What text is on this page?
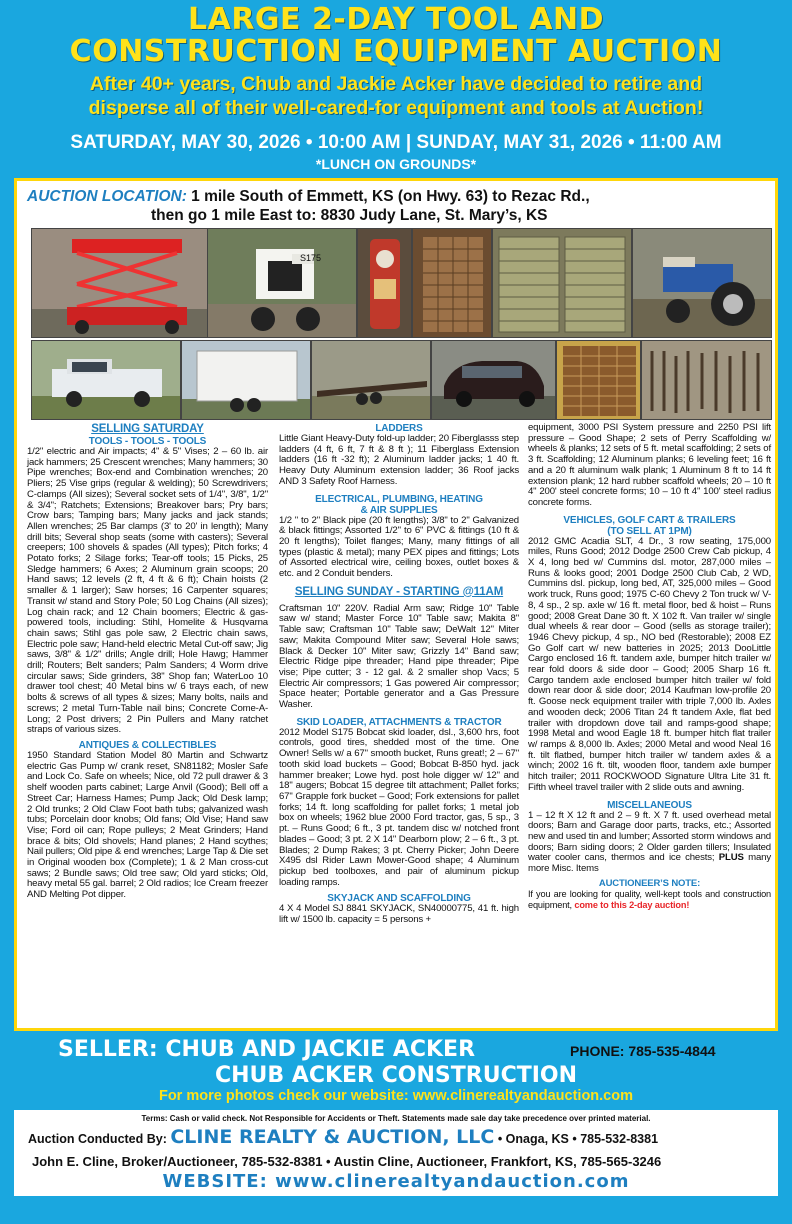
LARGE 2-DAY TOOL AND
CONSTRUCTION EQUIPMENT AUCTION
After 40+ years, Chub and Jackie Acker have decided to retire and
disperse all of their well-cared-for equipment and tools at Auction!
SATURDAY, MAY 30, 2026 • 10:00 AM | SUNDAY, MAY 31, 2026 • 11:00 AM
*LUNCH ON GROUNDS*
AUCTION LOCATION: 1 mile South of Emmett, KS (on Hwy. 63) to Rezac Rd.,
then go 1 mile East to: 8830 Judy Lane, St. Mary’s, KS
S175
SELLING SATURDAY
TOOLS - TOOLS - TOOLS

1/2" electric and Air impacts; 4" & 5" Vises; 2 – 60 lb. air jack hammers; 25 Crescent wrenches; Many hammers; 30 Pipe wrenches; Box-end and Combination wrenches; 20 Pliers; 25 Vise grips (regular & welding); 50 Screwdrivers; C-clamps (All sizes); Several socket sets of 1/4", 3/8", 1/2" & 3/4"; Ratchets; Extensions; Breakover bars; Pry bars; Crow bars; Tamping bars; Many jacks and jack stands; Allen wrenches; 25 Bar clamps (3' to 20' in length); Many drill bits; Several shop seats (some with casters); Several creepers; 100 shovels & spades (All types); Pitch forks; 4 Potato forks; 2 Silage forks; Tear-off tools; 15 Picks, 25 Sledge hammers; 6 Axes; 2 Aluminum grain scoops; 20 Hand saws; 12 levels (2 ft, 4 ft & 6 ft); Chain hoists (2 smaller & 1 larger); Saw horses; 16 Carpenter squares; Transit w/ stand and Story Pole; 50 Log Chains (All sizes); Log chain rack; and 12 Chain boomers; Electric & gas-powered tools, including: Stihl, Homelite & Husqvarna chain saws; Stihl gas pole saw, 2 Electric chain saws, Electric pole saw; Hand-held electric Metal Cut-off saw; Jig saws, 3/8" & 1/2" drills; Angle drill; Hole Hawg; Hammer drill; Routers; Belt sanders; Palm Sanders; 4 Worm drive circular saws; Side grinders, 38" Shop fan; WaterLoo 10 drawer tool chest; 40 Metal bins w/ 6 trays each, of new bolts & screws of all types & sizes; Many bolts, nails and screws; 2 metal Turn-Table nail bins; Concrete Come-A-Long; 2 Post drivers; 2 Pin Pullers and Many ratchet straps of various sizes.

ANTIQUES & COLLECTIBLES

1950 Standard Station Model 80 Martin and Schwartz electric Gas Pump w/ crank reset, SN81182; Mosler Safe and Lock Co. Safe on wheels; Nice, old 72 pull drawer & 3 shelf wooden parts cabinet; Large Anvil (Good); Bell off a Street Car; Harness Hames; Pump Jack; Old Desk lamp; 2 Old trunks; 2 Old Claw Foot bath tubs; galvanized wash tubs; Porcelain door knobs; Old fans; Old Vise; Hand saw Vise; Ford oil can; Rope pulleys; 2 Meat Grinders; Hand brace & bits; Old shovels; Hand planes; 2 Hand scythes; Nail pullers; Old pipe & end wrenches; Large Tap & Die set in Original wooden box (Complete); 1 & 2 Man cross-cut saws; 2 Bundle saws; Old tree saw; Old yard sticks; Old, heavy metal 55 gal. barrel; 2 Old radios; Ice Cream freezer AND Melting Pot dipper.

LADDERS

Little Giant Heavy-Duty fold-up ladder; 20 Fiberglasss step ladders (4 ft, 6 ft, 7 ft & 8 ft ); 11 Fiberglass Extension ladders (16 ft -32 ft); 2 Aluminum ladder jacks; 1 40 ft. Heavy Duty Aluminum extension ladder; 36 Roof jacks AND 3 Safety Roof Harness.

ELECTRICAL, PLUMBING, HEATING
& AIR SUPPLIES

1/2 " to 2" Black pipe (20 ft lengths); 3/8" to 2" Galvanized & black fittings; Assorted 1/2" to 6" PVC & fittings (10 ft & 20 ft lengths); Toilet flanges; Many, many fittings of all types (plastic & metal); many PEX pipes and fittings; Lots of Assorted electrical wire, ceiling boxes, outlet boxes & etc. and 2 Conduit benders.

SELLING SUNDAY - STARTING @11AM

Craftsman 10" 220V. Radial Arm saw; Ridge 10" Table saw w/ stand; Master Force 10" Table saw; Makita 8" Table saw; Craftsman 10" Table saw; DeWalt 12" Miter saw; Makita Compound Miter saw; Several Hole saws; Black & Decker 10" Miter saw; Grizzly 14" Band saw; Electric Ridge pipe threader; Hand pipe threader; Pipe vise; Pipe cutter; 3 - 12 gal. & 2 smaller shop Vacs; 5 Electric Air compressors; 1 Gas powered Air compressor; Space heater; Portable generator and a Gas Pressure Washer.

SKID LOADER, ATTACHMENTS & TRACTOR

2012 Model S175 Bobcat skid loader, dsl., 3,600 hrs, foot controls, good tires, shedded most of the time. One Owner! Sells w/ a 67" smooth bucket, Runs great!; 2 – 67" tooth skid load buckets – Good; Bobcat B-850 hyd. jack hammer breaker; Lowe hyd. post hole digger w/ 12" and 18" augers; Bobcat 15 degree tilt attachment; Pallet forks; 67" Grapple fork bucket – Good; Fork extensions for pallet forks; 14 ft. long scaffolding for pallet forks; 1 metal job box on wheels; 1962 blue 2000 Ford tractor, gas, 5 sp., 3 pt. – Runs Good; 6 ft., 3 pt. tandem disc w/ notched front blades – Good; 3 pt. 2 X 14" Dearborn plow; 2 – 6 ft., 3 pt. Blades; 2 Dump Rakes; 3 pt. Cherry Picker; John Deere X495 dsl Rider Lawn Mower-Good shape; 4 Aluminum pickup bed toolboxes, and pair of aluminum pickup loading ramps.

SKYJACK AND SCAFFOLDING

4 X 4 Model SJ 8841 SKYJACK, SN40000775, 41 ft. high lift w/ 1500 lb. capacity = 5 persons +

equipment, 3000 PSI System pressure and 2250 PSI lift pressure – Good Shape; 2 sets of Perry Scaffolding w/ wheels & planks; 12 sets of 5 ft. metal scaffolding; 2 sets of 3 ft. Scaffolding; 12 Aluminum planks; 6 leveling feet; 16 ft and a 20 ft aluminum walk plank; 1 Aluminum 8 ft to 14 ft extension plank; 12 hard rubber scaffold wheels; 20 – 10 ft 4" 200' steel concrete forms; 10 – 10 ft 4" 100' steel radius concrete forms.

VEHICLES, GOLF CART & TRAILERS
(TO SELL AT 1PM)

2012 GMC Acadia SLT, 4 Dr., 3 row seating, 175,000 miles, Runs Good; 2012 Dodge 2500 Crew Cab pickup, 4 X 4, long bed w/ Cummins dsl. motor, 287,000 miles – Runs & looks good; 2001 Dodge 2500 Club Cab, 2 WD, Cummins dsl. pickup, long bed, AT, 325,000 miles – Good work truck, Runs good; 1975 C-60 Chevy 2 Ton truck w/ V-8, 4 sp., 2 sp. axle w/ 16 ft. metal floor, bed & hoist – Runs good; 2008 Great Dane 30 ft. X 102 ft. Van trailer w/ single dual wheels & rear door – Good (sells as storage trailer); 1946 Chevy pickup, 4 sp., NO bed (Restorable); 2008 EZ Go Golf cart w/ new batteries in 2025; 2013 DooLittle Cargo enclosed 16 ft. tandem axle, bumper hitch trailer w/ rear fold doors & side door – Good; 2005 Sharp 16 ft. Cargo tandem axle enclosed bumper hitch trailer w/ fold down rear door & side door; 2014 Kaufman low-profile 20 ft. Goose neck equipment trailer with triple 7,000 lb. Axles and wooden deck; 2006 Titan 24 ft tandem Axle, flat bed trailer with dropdown dove tail and ramps-good shape; 1998 Metal and wood Eagle 18 ft. bumper hitch flat trailer w/ ramps & 8,000 lb. Axles; 2000 Metal and wood Neal 16 ft. tilt flatbed, bumper hitch trailer w/ tandem axles & a winch; 2002 16 ft. tilt, wooden floor, tandem axle bumper hitch trailer; 2011 ROCKWOOD Signature Ultra Lite 31 ft. Fifth wheel travel trailer with 2 slide outs and awning.

MISCELLANEOUS

1 – 12 ft X 12 ft and 2 – 9 ft. X 7 ft. used overhead metal doors; Barn and Garage door parts, tracks, etc.; Assorted new and used tin and lumber; Assorted storm windows and doors; Barn siding doors; 2 Older garden tillers; Insulated water cooler cans, thermos and ice chests; PLUS many more Misc. Items

AUCTIONEER’S NOTE:

If you are looking for quality, well-kept tools and construction equipment, come to this 2-day auction!

SELLER: CHUB AND JACKIE ACKER	PHONE: 785-535-4844
CHUB ACKER CONSTRUCTION
For more photos check our website: www.clinerealtyandauction.com
Terms: Cash or valid check. Not Responsible for Accidents or Theft. Statements made sale day take precedence over printed material.
Auction Conducted By: CLINE REALTY & AUCTION, LLC • Onaga, KS • 785-532-8381
John E. Cline, Broker/Auctioneer, 785-532-8381 • Austin Cline, Auctioneer, Frankfort, KS, 785-565-3246
WEBSITE: www.clinerealtyandauction.com
